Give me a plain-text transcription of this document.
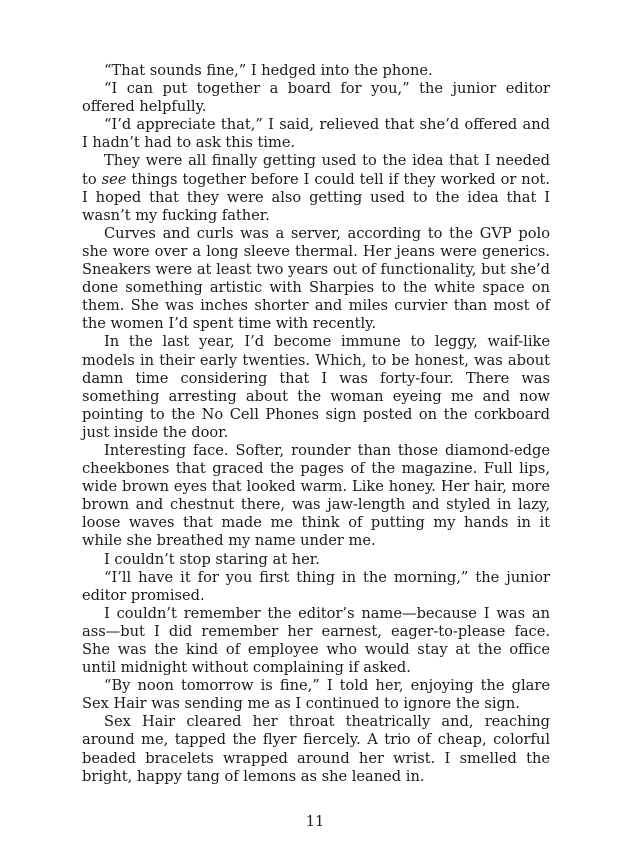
“That sounds fine,” I hedged into the phone.

“I can put together a board for you,” the junior editor offered helpfully.

“I’d appreciate that,” I said, relieved that she’d offered and I hadn’t had to ask this time.

They were all finally getting used to the idea that I needed to see things together before I could tell if they worked or not. I hoped that they were also getting used to the idea that I wasn’t my fucking father.

Curves and curls was a server, according to the GVP polo she wore over a long sleeve thermal. Her jeans were generics. Sneakers were at least two years out of functionality, but she’d done something artistic with Sharpies to the white space on them. She was inches shorter and miles curvier than most of the women I’d spent time with recently.

In the last year, I’d become immune to leggy, waif-like models in their early twenties. Which, to be honest, was about damn time considering that I was forty-four. There was something arresting about the woman eyeing me and now pointing to the No Cell Phones sign posted on the corkboard just inside the door.

Interesting face. Softer, rounder than those diamond-edge cheekbones that graced the pages of the magazine. Full lips, wide brown eyes that looked warm. Like honey. Her hair, more brown and chestnut there, was jaw-length and styled in lazy, loose waves that made me think of putting my hands in it while she breathed my name under me.

I couldn’t stop staring at her.

“I’ll have it for you first thing in the morning,” the junior editor promised.

I couldn’t remember the editor’s name—because I was an ass—but I did remember her earnest, eager-to-please face. She was the kind of employee who would stay at the office until midnight without complaining if asked.

“By noon tomorrow is fine,” I told her, enjoying the glare Sex Hair was sending me as I continued to ignore the sign.

Sex Hair cleared her throat theatrically and, reaching around me, tapped the flyer fiercely. A trio of cheap, colorful beaded bracelets wrapped around her wrist. I smelled the bright, happy tang of lemons as she leaned in.

11
